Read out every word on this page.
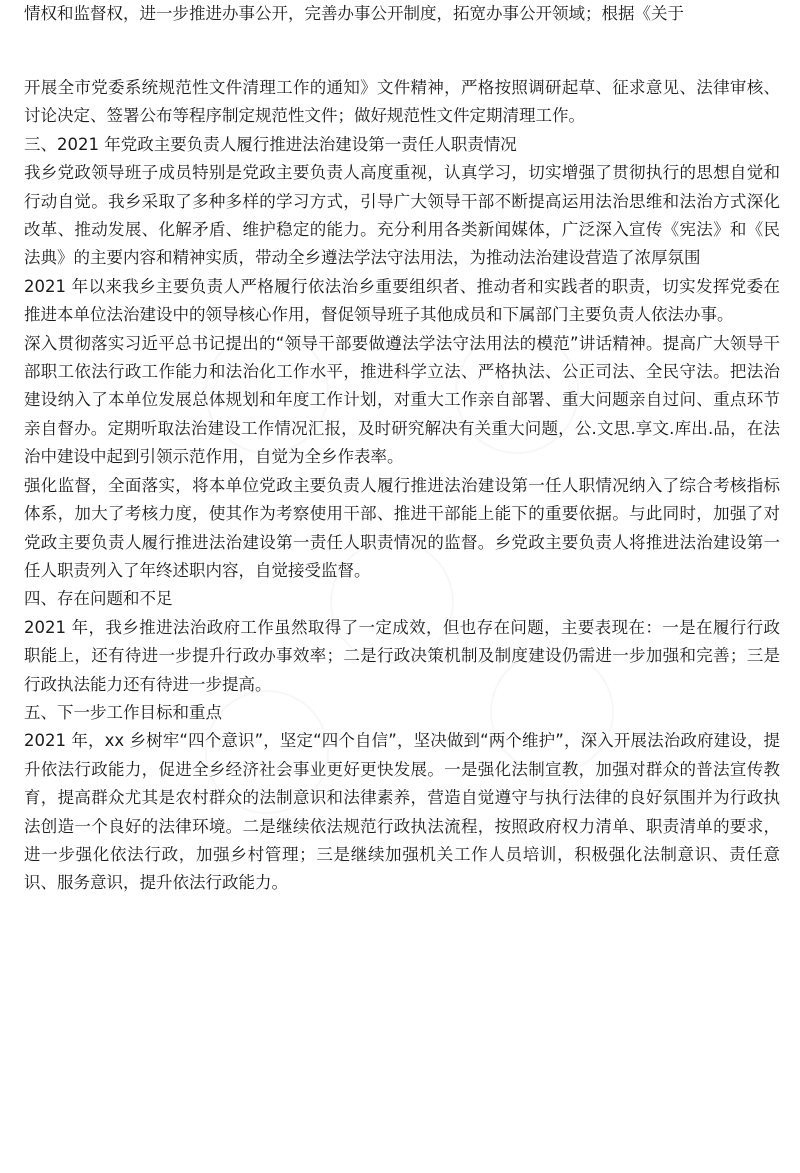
情权和监督权，进一步推进办事公开，完善办事公开制度，拓宽办事公开领域；根据《关于

开展全市党委系统规范性文件清理工作的通知》文件精神，严格按照调研起草、征求意见、法律审核、讨论决定、签署公布等程序制定规范性文件；做好规范性文件定期清理工作。

三、2021 年党政主要负责人履行推进法治建设第一责任人职责情况

我乡党政领导班子成员特别是党政主要负责人高度重视，认真学习，切实增强了贯彻执行的思想自觉和行动自觉。我乡采取了多种多样的学习方式，引导广大领导干部不断提高运用法治思维和法治方式深化改革、推动发展、化解矛盾、维护稳定的能力。充分利用各类新闻媒体，广泛深入宣传《宪法》和《民法典》的主要内容和精神实质，带动全乡遵法学法守法用法，为推动法治建设营造了浓厚氛围

2021 年以来我乡主要负责人严格履行依法治乡重要组织者、推动者和实践者的职责，切实发挥党委在推进本单位法治建设中的领导核心作用，督促领导班子其他成员和下属部门主要负责人依法办事。

深入贯彻落实习近平总书记提出的“领导干部要做遵法学法守法用法的模范”讲话精神。提高广大领导干部职工依法行政工作能力和法治化工作水平，推进科学立法、严格执法、公正司法、全民守法。把法治建设纳入了本单位发展总体规划和年度工作计划，对重大工作亲自部署、重大问题亲自过问、重点环节亲自督办。定期听取法治建设工作情况汇报，及时研究解决有关重大问题，公.文思.享文.库出.品，在法治中建设中起到引领示范作用，自觉为全乡作表率。

强化监督，全面落实，将本单位党政主要负责人履行推进法治建设第一任人职情况纳入了综合考核指标体系，加大了考核力度，使其作为考察使用干部、推进干部能上能下的重要依据。与此同时，加强了对党政主要负责人履行推进法治建设第一责任人职责情况的监督。乡党政主要负责人将推进法治建设第一任人职责列入了年终述职内容，自觉接受监督。

四、存在问题和不足

2021 年，我乡推进法治政府工作虽然取得了一定成效，但也存在问题，主要表现在：一是在履行行政职能上，还有待进一步提升行政办事效率；二是行政决策机制及制度建设仍需进一步加强和完善；三是行政执法能力还有待进一步提高。

五、下一步工作目标和重点

2021 年，xx 乡树牢“四个意识”，坚定“四个自信”，坚决做到“两个维护”，深入开展法治政府建设，提升依法行政能力，促进全乡经济社会事业更好更快发展。一是强化法制宣教，加强对群众的普法宣传教育，提高群众尤其是农村群众的法制意识和法律素养，营造自觉遵守与执行法律的良好氛围并为行政执法创造一个良好的法律环境。二是继续依法规范行政执法流程，按照政府权力清单、职责清单的要求，进一步强化依法行政，加强乡村管理；三是继续加强机关工作人员培训，积极强化法制意识、责任意识、服务意识，提升依法行政能力。
